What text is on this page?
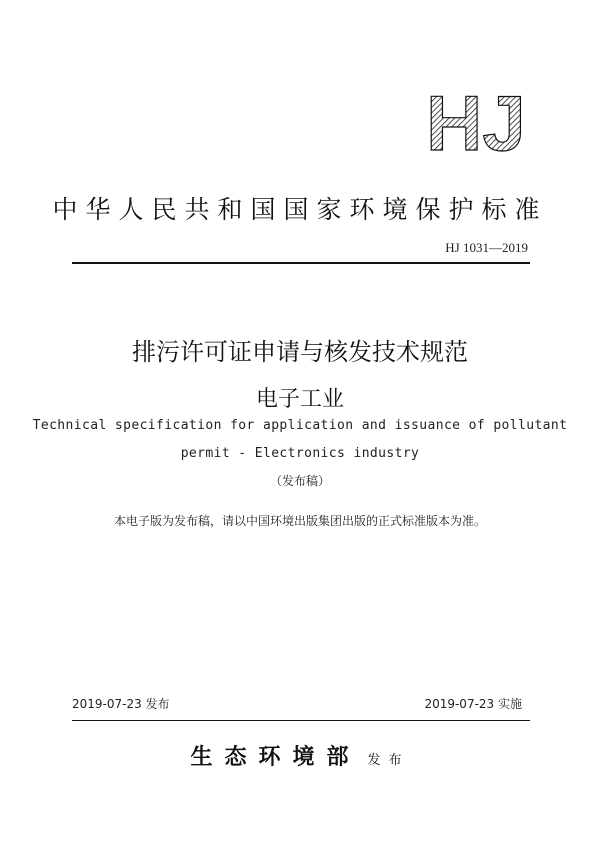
HJ
中华人民共和国国家环境保护标准
HJ 1031—2019
排污许可证申请与核发技术规范
电子工业
Technical specification for application and issuance of pollutant
permit - Electronics industry
（发布稿）
本电子版为发布稿，请以中国环境出版集团出版的正式标准版本为准。
2019-07-23 发布	2019-07-23 实施
生态环境部 发布
